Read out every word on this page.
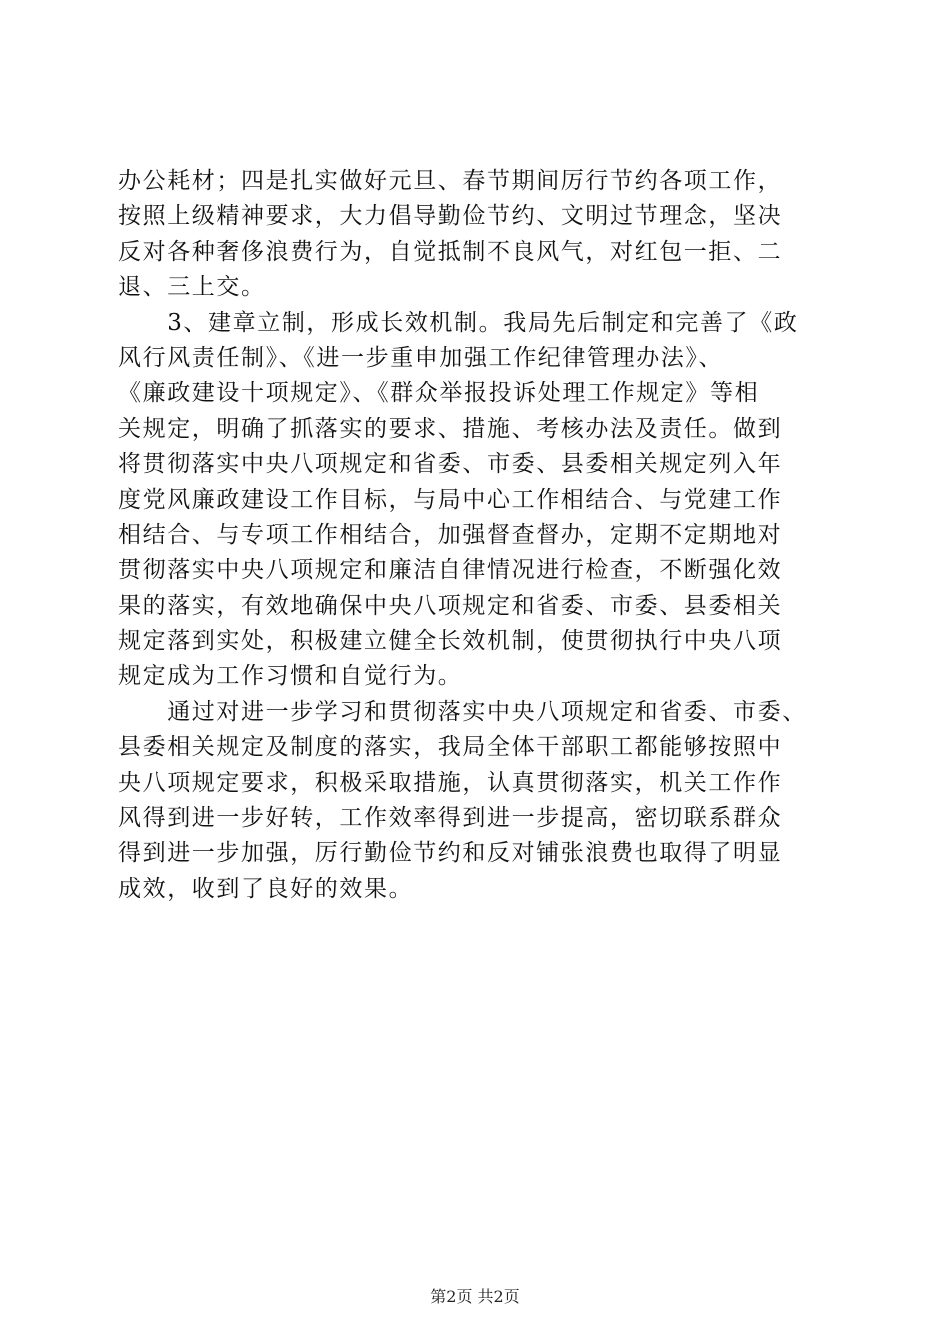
办公耗材；四是扎实做好元旦、春节期间厉行节约各项工作，
按照上级精神要求，大力倡导勤俭节约、文明过节理念，坚决
反对各种奢侈浪费行为，自觉抵制不良风气，对红包一拒、二
退、三上交。
　　3、建章立制，形成长效机制。我局先后制定和完善了《政
风行风责任制》、《进一步重申加强工作纪律管理办法》、
《廉政建设十项规定》、《群众举报投诉处理工作规定》等相
关规定，明确了抓落实的要求、措施、考核办法及责任。做到
将贯彻落实中央八项规定和省委、市委、县委相关规定列入年
度党风廉政建设工作目标，与局中心工作相结合、与党建工作
相结合、与专项工作相结合，加强督查督办，定期不定期地对
贯彻落实中央八项规定和廉洁自律情况进行检查，不断强化效
果的落实，有效地确保中央八项规定和省委、市委、县委相关
规定落到实处，积极建立健全长效机制，使贯彻执行中央八项
规定成为工作习惯和自觉行为。
　　通过对进一步学习和贯彻落实中央八项规定和省委、市委、
县委相关规定及制度的落实，我局全体干部职工都能够按照中
央八项规定要求，积极采取措施，认真贯彻落实，机关工作作
风得到进一步好转，工作效率得到进一步提高，密切联系群众
得到进一步加强，厉行勤俭节约和反对铺张浪费也取得了明显
成效，收到了良好的效果。
第2页 共2页
